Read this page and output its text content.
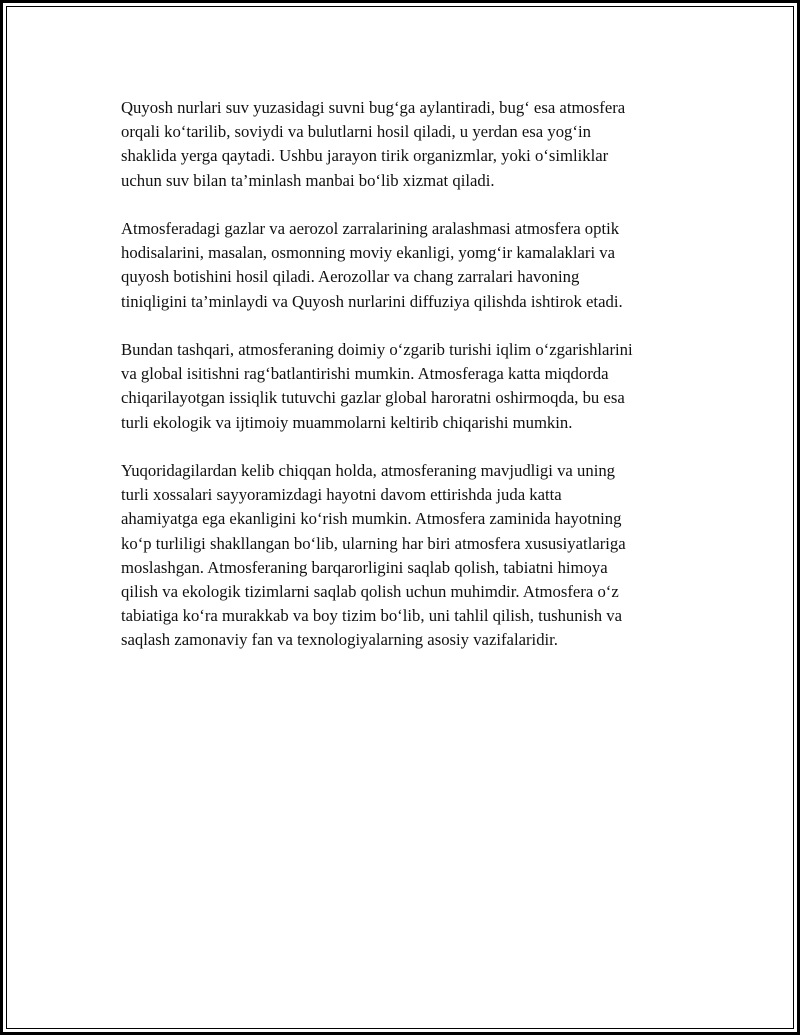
Quyosh nurlari suv yuzasidagi suvni bug‘ga aylantiradi, bug‘ esa atmosfera
orqali ko‘tarilib, soviydi va bulutlarni hosil qiladi, u yerdan esa yog‘in
shaklida yerga qaytadi. Ushbu jarayon tirik organizmlar, yoki o‘simliklar
uchun suv bilan ta’minlash manbai bo‘lib xizmat qiladi.

Atmosferadagi gazlar va aerozol zarralarining aralashmasi atmosfera optik
hodisalarini, masalan, osmonning moviy ekanligi, yomg‘ir kamalaklari va
quyosh botishini hosil qiladi. Aerozollar va chang zarralari havoning
tiniqligini ta’minlaydi va Quyosh nurlarini diffuziya qilishda ishtirok etadi.

Bundan tashqari, atmosferaning doimiy o‘zgarib turishi iqlim o‘zgarishlarini
va global isitishni rag‘batlantirishi mumkin. Atmosferaga katta miqdorda
chiqarilayotgan issiqlik tutuvchi gazlar global haroratni oshirmoqda, bu esa
turli ekologik va ijtimoiy muammolarni keltirib chiqarishi mumkin.

Yuqoridagilardan kelib chiqqan holda, atmosferaning mavjudligi va uning
turli xossalari sayyoramizdagi hayotni davom ettirishda juda katta
ahamiyatga ega ekanligini ko‘rish mumkin. Atmosfera zaminida hayotning
ko‘p turliligi shakllangan bo‘lib, ularning har biri atmosfera xususiyatlariga
moslashgan. Atmosferaning barqarorligini saqlab qolish, tabiatni himoya
qilish va ekologik tizimlarni saqlab qolish uchun muhimdir. Atmosfera o‘z
tabiatiga ko‘ra murakkab va boy tizim bo‘lib, uni tahlil qilish, tushunish va
saqlash zamonaviy fan va texnologiyalarning asosiy vazifalaridir.
